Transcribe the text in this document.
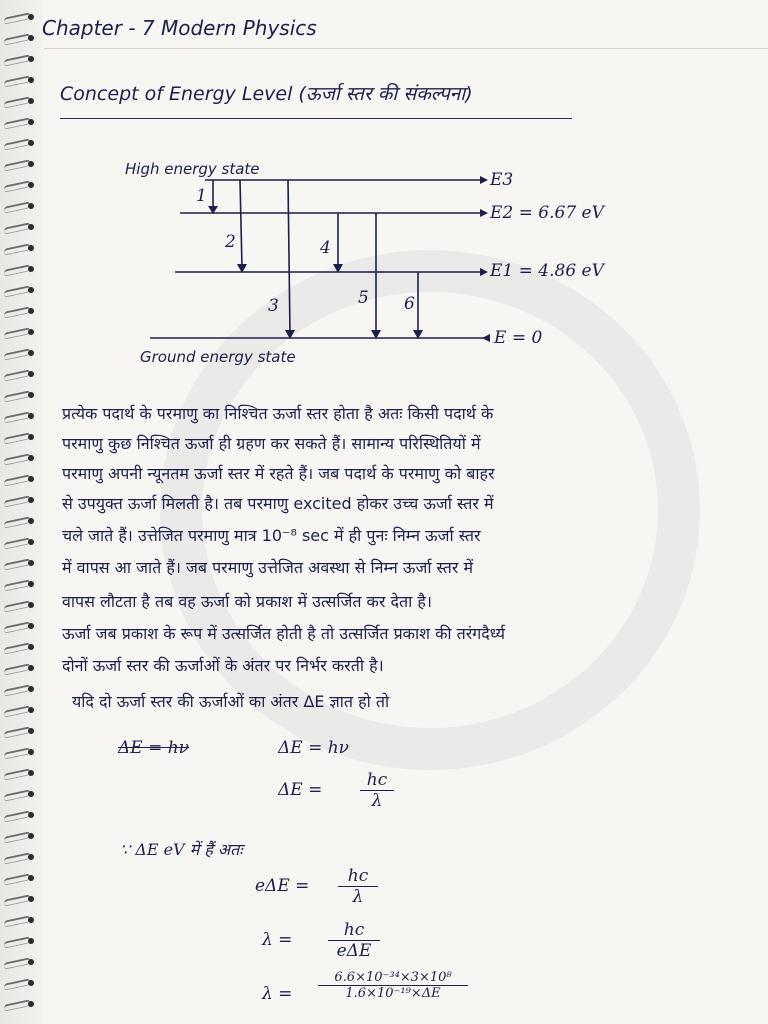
Chapter - 7 Modern Physics
Concept of Energy Level (ऊर्जा स्तर की संकल्पना)
High energy state
Ground energy state
E3
E2 = 6.67 eV
E1 = 4.86 eV
E = 0
1
2
3
4
5 6
प्रत्येक पदार्थ के परमाणु का निश्चित ऊर्जा स्तर होता है अतः किसी पदार्थ के
परमाणु कुछ निश्चित ऊर्जा ही ग्रहण कर सकते हैं। सामान्य परिस्थितियों में
परमाणु अपनी न्यूनतम ऊर्जा स्तर में रहते हैं। जब पदार्थ के परमाणु को बाहर
से उपयुक्त ऊर्जा मिलती है। तब परमाणु excited होकर उच्च ऊर्जा स्तर में
चले जाते हैं। उत्तेजित परमाणु मात्र 10⁻⁸ sec में ही पुनः निम्न ऊर्जा स्तर
में वापस आ जाते हैं। जब परमाणु उत्तेजित अवस्था से निम्न ऊर्जा स्तर में
वापस लौटता है तब वह ऊर्जा को प्रकाश में उत्सर्जित कर देता है।
ऊर्जा जब प्रकाश के रूप में उत्सर्जित होती है तो उत्सर्जित प्रकाश की तरंगदैर्ध्य
दोनों ऊर्जा स्तर की ऊर्जाओं के अंतर पर निर्भर करती है।
यदि दो ऊर्जा स्तर की ऊर्जाओं का अंतर ΔE ज्ञात हो तो
ΔE = hν	ΔE = hν
$\Delta E = \frac{hc}{\lambda}$
∵ ΔE eV में हैं अतः
$e\Delta E = \frac{hc}{\lambda}$
λ =	hc
eΔE
$\lambda = \frac{\text{6.6×10⁻³⁴×3×10⁸}}{\text{1.6×10⁻¹⁹×ΔE}}$
